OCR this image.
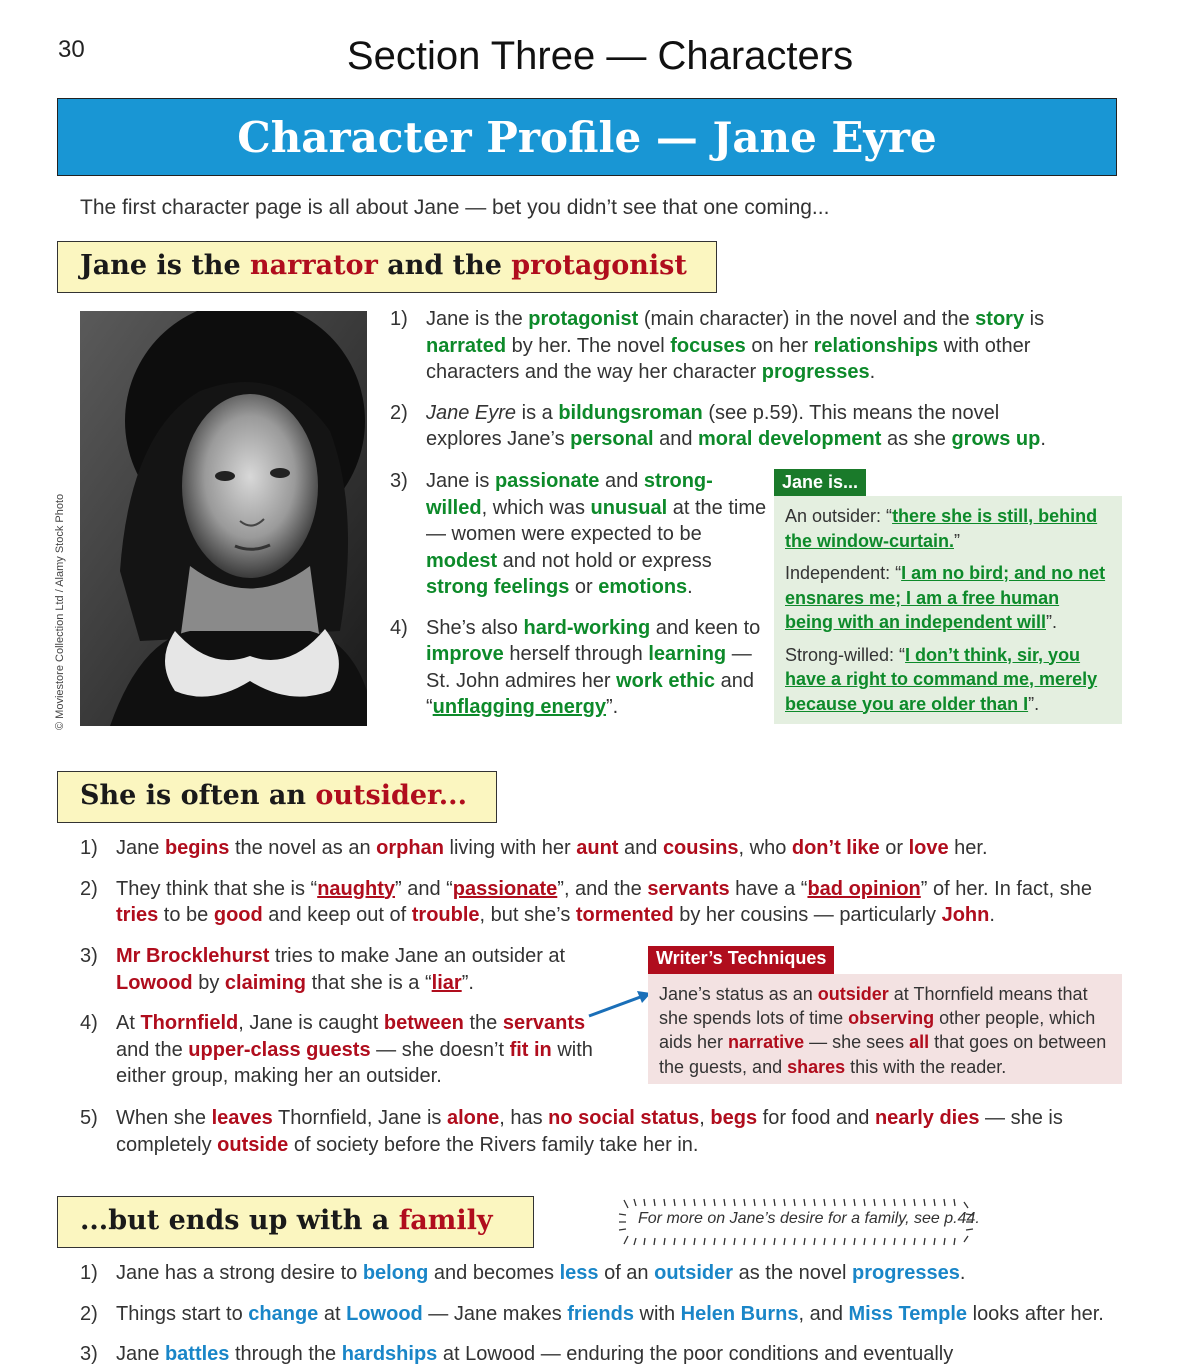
30	Section Three — Characters
Character Profile — Jane Eyre
The first character page is all about Jane — bet you didn’t see that one coming...
Jane is the narrator and the protagonist
© Moviestore Collection Ltd / Alamy Stock Photo
1) Jane is the protagonist (main character) in the novel and the story is narrated by her. The novel focuses on her relationships with other characters and the way her character progresses.
2) Jane Eyre is a bildungsroman (see p.59). This means the novel explores Jane’s personal and moral development as she grows up.
3) Jane is passionate and strong-willed, which was unusual at the time — women were expected to be modest and not hold or express strong feelings or emotions.
4) She’s also hard-working and keen to improve herself through learning — St. John admires her work ethic and “unflagging energy”.
Jane is...

An outsider: “there she is still, behind the window-curtain.”

Independent: “I am no bird; and no net ensnares me; I am a free human being with an independent will”.

Strong-willed: “I don’t think, sir, you have a right to command me, merely because you are older than I”.

She is often an outsider...
1) Jane begins the novel as an orphan living with her aunt and cousins, who don’t like or love her.
2) They think that she is “naughty” and “passionate”, and the servants have a “bad opinion” of her. In fact, she tries to be good and keep out of trouble, but she’s tormented by her cousins — particularly John.
3) Mr Brocklehurst tries to make Jane an outsider at Lowood by claiming that she is a “liar”.
4) At Thornfield, Jane is caught between the servants and the upper-class guests — she doesn’t fit in with either group, making her an outsider.
Writer’s Techniques
Jane’s status as an outsider at Thornfield means that she spends lots of time observing other people, which aids her narrative — she sees all that goes on between the guests, and shares this with the reader.
5) When she leaves Thornfield, Jane is alone, has no social status, begs for food and nearly dies — she is completely outside of society before the Rivers family take her in.
...but ends up with a family	For more on Jane’s desire for a family, see p.44.
1) Jane has a strong desire to belong and becomes less of an outsider as the novel progresses.
2) Things start to change at Lowood — Jane makes friends with Helen Burns, and Miss Temple looks after her.
3) Jane battles through the hardships at Lowood — enduring the poor conditions and eventually
